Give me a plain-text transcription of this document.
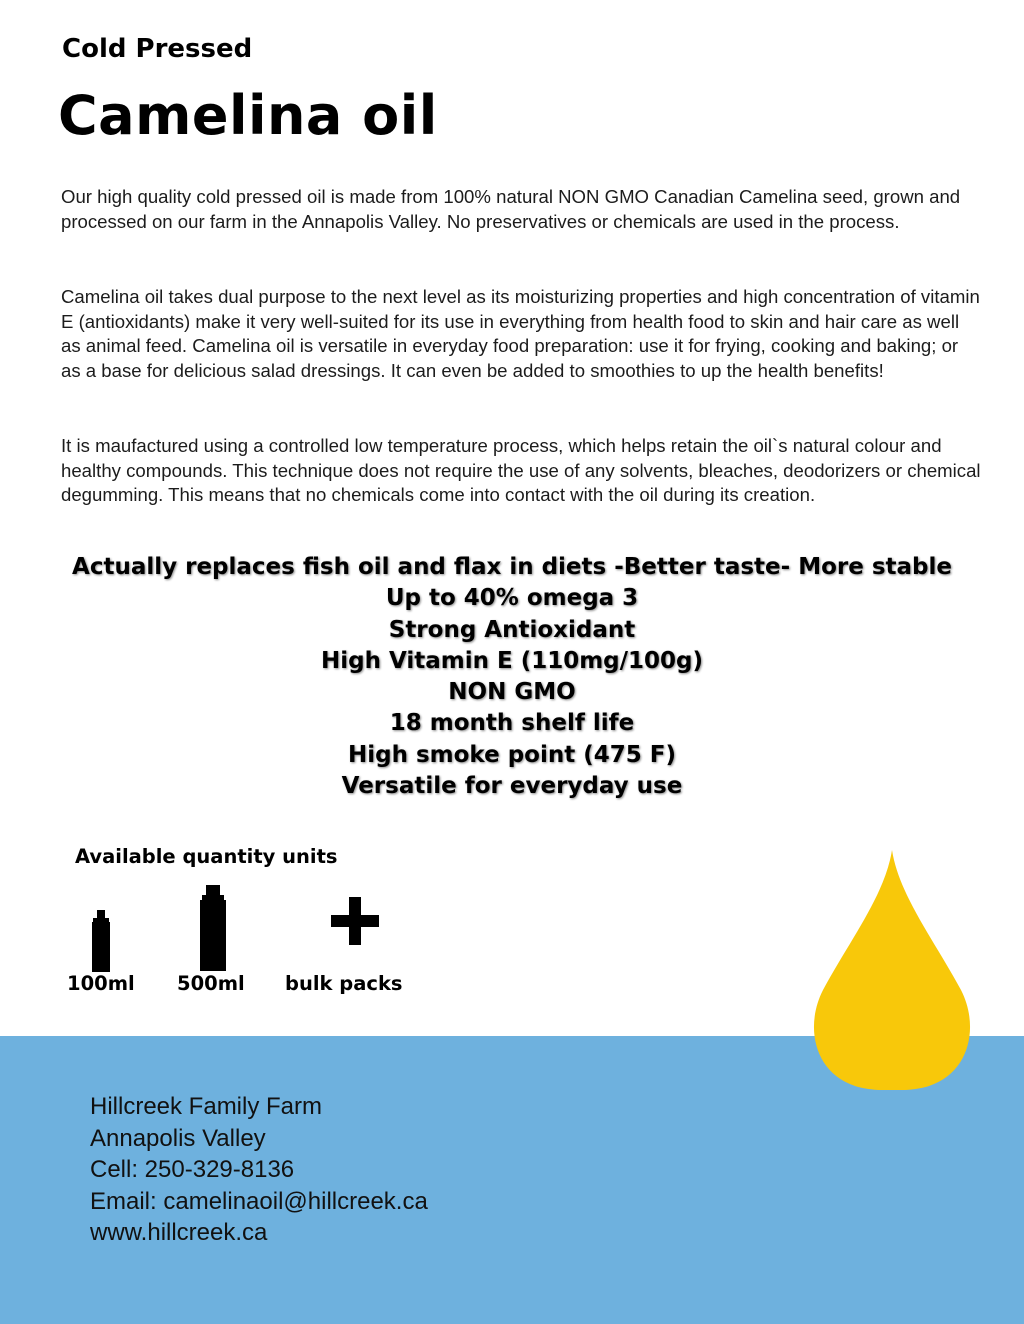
Cold Pressed
Camelina oil

Our high quality cold pressed oil is made from 100% natural NON GMO Canadian Camelina seed, grown and processed on our farm in the Annapolis Valley. No preservatives or chemicals are used in the process.

Camelina oil takes dual purpose to the next level as its moisturizing properties and high concentration of vitamin E (antioxidants) make it very well-suited for its use in everything from health food to skin and hair care as well as animal feed. Camelina oil is versatile in everyday food preparation: use it for frying, cooking and baking; or as a base for delicious salad dressings. It can even be added to smoothies to up the health benefits!

It is maufactured using a controlled low temperature process, which helps retain the oil`s natural colour and healthy compounds. This technique does not require the use of any solvents, bleaches, deodorizers or chemical degumming. This means that no chemicals come into contact with the oil during its creation.

Actually replaces fish oil and flax in diets -Better taste- More stable
Up to 40% omega 3
Strong Antioxidant
High Vitamin E (110mg/100g)
NON GMO
18 month shelf life
High smoke point (475 F)
Versatile for everyday use
Available quantity units
100ml 500ml bulk packs
Hillcreek Family Farm
Annapolis Valley
Cell: 250-329-8136
Email: camelinaoil@hillcreek.ca
www.hillcreek.ca
